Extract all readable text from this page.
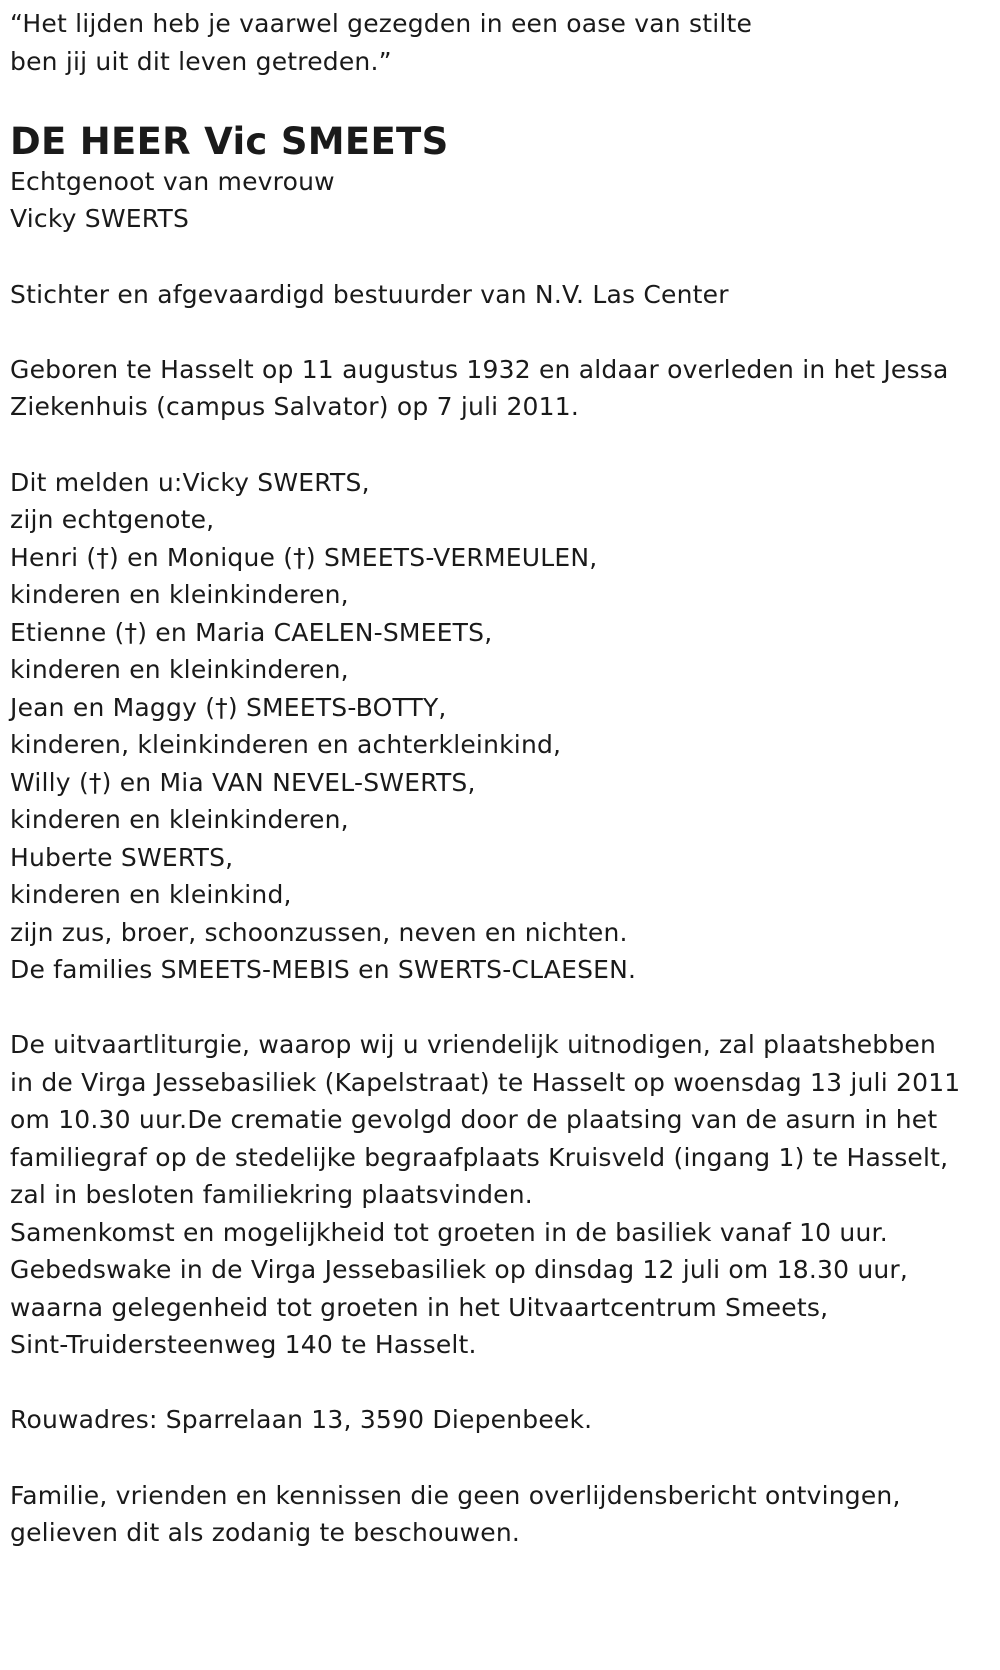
“Het lijden heb je vaarwel gezegden in een oase van stilte
ben jij uit dit leven getreden.”
DE HEER Vic SMEETS
Echtgenoot van mevrouw
Vicky SWERTS
Stichter en afgevaardigd bestuurder van N.V. Las Center
Geboren te Hasselt op 11 augustus 1932 en aldaar overleden in het Jessa
Ziekenhuis (campus Salvator) op 7 juli 2011.
Dit melden u:Vicky SWERTS,
zijn echtgenote,
Henri (†) en Monique (†) SMEETS-VERMEULEN,
kinderen en kleinkinderen,
Etienne (†) en Maria CAELEN-SMEETS,
kinderen en kleinkinderen,
Jean en Maggy (†) SMEETS-BOTTY,
kinderen, kleinkinderen en achterkleinkind,
Willy (†) en Mia VAN NEVEL-SWERTS,
kinderen en kleinkinderen,
Huberte SWERTS,
kinderen en kleinkind,
zijn zus, broer, schoonzussen, neven en nichten.
De families SMEETS-MEBIS en SWERTS-CLAESEN.
De uitvaartliturgie, waarop wij u vriendelijk uitnodigen, zal plaatshebben
in de Virga Jessebasiliek (Kapelstraat) te Hasselt op woensdag 13 juli 2011
om 10.30 uur.De crematie gevolgd door de plaatsing van de asurn in het
familiegraf op de stedelijke begraafplaats Kruisveld (ingang 1) te Hasselt,
zal in besloten familiekring plaatsvinden.
Samenkomst en mogelijkheid tot groeten in de basiliek vanaf 10 uur.
Gebedswake in de Virga Jessebasiliek op dinsdag 12 juli om 18.30 uur,
waarna gelegenheid tot groeten in het Uitvaartcentrum Smeets,
Sint-Truidersteenweg 140 te Hasselt.
Rouwadres: Sparrelaan 13, 3590 Diepenbeek.
Familie, vrienden en kennissen die geen overlijdensbericht ontvingen,
gelieven dit als zodanig te beschouwen.
